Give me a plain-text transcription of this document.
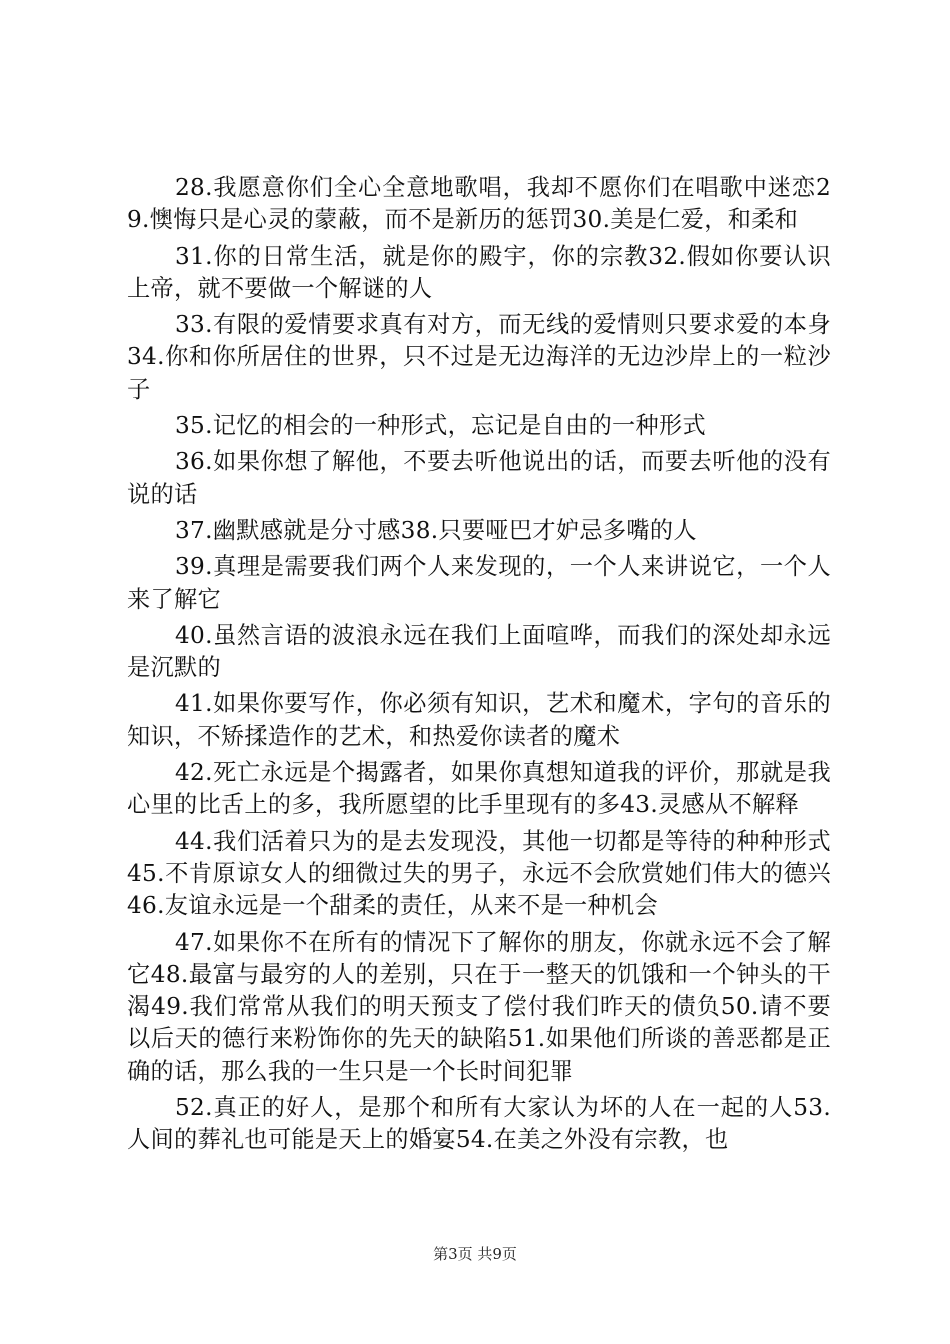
28.我愿意你们全心全意地歌唱，我却不愿你们在唱歌中迷恋29.懊悔只是心灵的蒙蔽，而不是新历的惩罚30.美是仁爱，和柔和

31.你的日常生活，就是你的殿宇，你的宗教32.假如你要认识上帝，就不要做一个解谜的人

33.有限的爱情要求真有对方，而无线的爱情则只要求爱的本身34.你和你所居住的世界，只不过是无边海洋的无边沙岸上的一粒沙子

35.记忆的相会的一种形式，忘记是自由的一种形式

36.如果你想了解他，不要去听他说出的话，而要去听他的没有说的话

37.幽默感就是分寸感38.只要哑巴才妒忌多嘴的人

39.真理是需要我们两个人来发现的，一个人来讲说它，一个人来了解它

40.虽然言语的波浪永远在我们上面喧哗，而我们的深处却永远是沉默的

41.如果你要写作，你必须有知识，艺术和魔术，字句的音乐的知识，不矫揉造作的艺术，和热爱你读者的魔术

42.死亡永远是个揭露者，如果你真想知道我的评价，那就是我心里的比舌上的多，我所愿望的比手里现有的多43.灵感从不解释

44.我们活着只为的是去发现没，其他一切都是等待的种种形式45.不肯原谅女人的细微过失的男子，永远不会欣赏她们伟大的德兴46.友谊永远是一个甜柔的责任，从来不是一种机会

47.如果你不在所有的情况下了解你的朋友，你就永远不会了解它48.最富与最穷的人的差别，只在于一整天的饥饿和一个钟头的干渴49.我们常常从我们的明天预支了偿付我们昨天的债负50.请不要以后天的德行来粉饰你的先天的缺陷51.如果他们所谈的善恶都是正确的话，那么我的一生只是一个长时间犯罪

52.真正的好人，是那个和所有大家认为坏的人在一起的人53.人间的葬礼也可能是天上的婚宴54.在美之外没有宗教，也

第3页 共9页
